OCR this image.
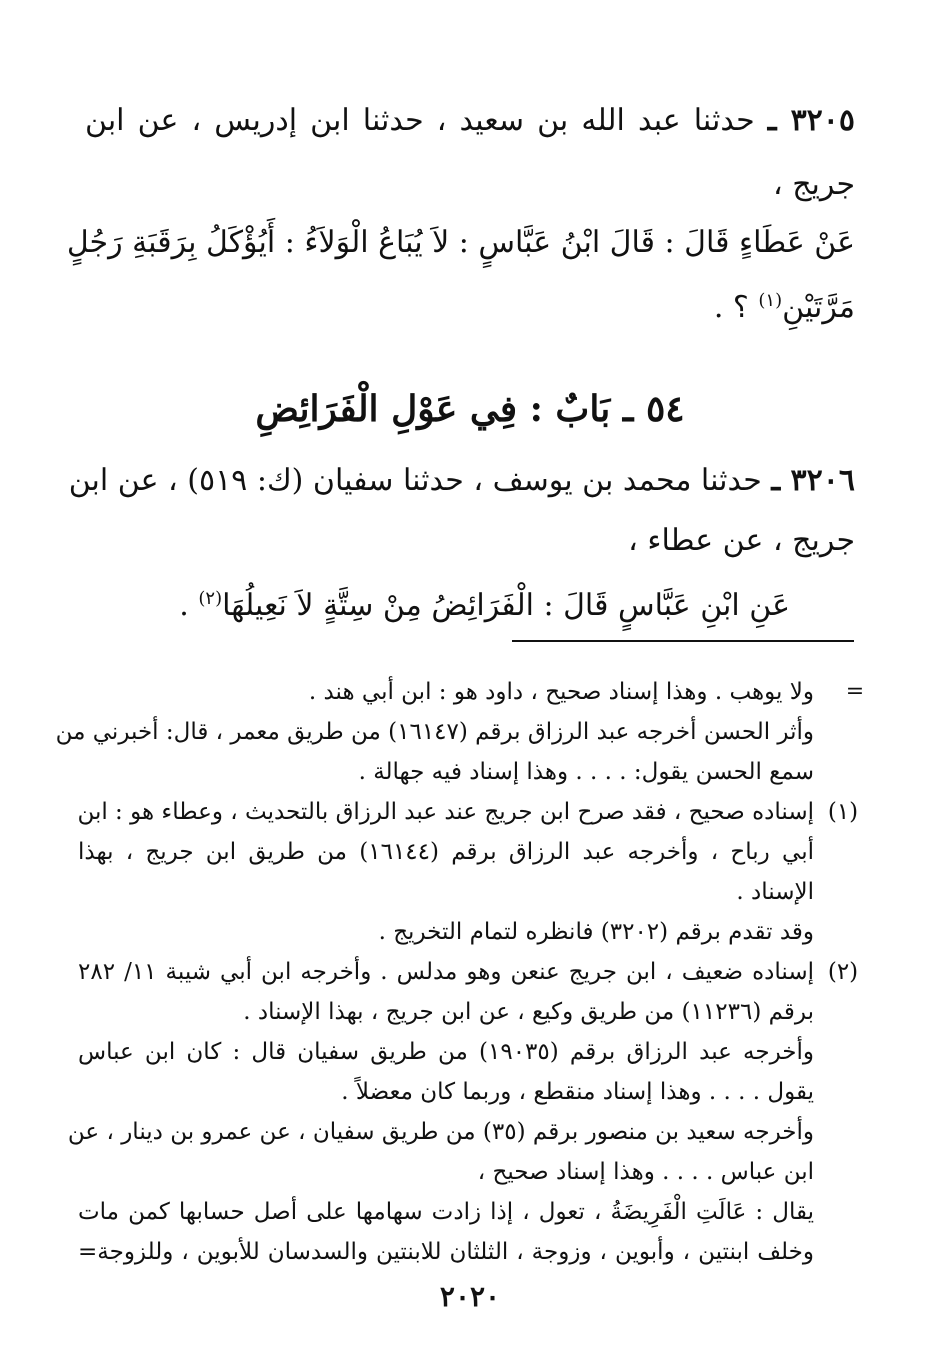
٣٢٠٥ ـ حدثنا عبد الله بن سعيد ، حدثنا ابن إدريس ، عن ابن
جريج ،
عَنْ عَطَاءٍ قَالَ : قَالَ ابْنُ عَبَّاسٍ : لاَ يُبَاعُ الْوَلاَءُ : أَيُؤْكَلُ بِرَقَبَةِ رَجُلٍ
مَرَّتَيْنِ$^{(١)}$ ؟ .
٥٤ ـ بَابٌ : فِي عَوْلِ الْفَرَائِضِ
٣٢٠٦ ـ حدثنا محمد بن يوسف ، حدثنا سفيان (ك: ٥١٩) ، عن ابن
جريج ، عن عطاء ،
عَنِ ابْنِ عَبَّاسٍ قَالَ : الْفَرَائِضُ مِنْ سِتَّةٍ لاَ نَعِيلُهَا$^{(٢)}$ .
=
ولا يوهب . وهذا إسناد صحيح ، داود هو : ابن أبي هند .
وأثر الحسن أخرجه عبد الرزاق برقم (١٦١٤٧) من طريق معمر ، قال: أخبرني من
سمع الحسن يقول: . . . . وهذا إسناد فيه جهالة .
(١)
إسناده صحيح ، فقد صرح ابن جريج عند عبد الرزاق بالتحديث ، وعطاء هو : ابن
أبي رباح ، وأخرجه عبد الرزاق برقم (١٦١٤٤) من طريق ابن جريج ، بهذا
الإسناد .
وقد تقدم برقم (٣٢٠٢) فانظره لتمام التخريج .
(٢)
إسناده ضعيف ، ابن جريج عنعن وهو مدلس . وأخرجه ابن أبي شيبة ١١/ ٢٨٢
برقم (١١٢٣٦) من طريق وكيع ، عن ابن جريج ، بهذا الإسناد .
وأخرجه عبد الرزاق برقم (١٩٠٣٥) من طريق سفيان قال : كان ابن عباس
يقول . . . . وهذا إسناد منقطع ، وربما كان معضلاً .
وأخرجه سعيد بن منصور برقم (٣٥) من طريق سفيان ، عن عمرو بن دينار ، عن
ابن عباس . . . . وهذا إسناد صحيح ،
يقال : عَالَتِ الْفَرِيضَةُ ، تعول ، إذا زادت سهامها على أصل حسابها كمن مات
وخلف ابنتين ، وأبوين ، وزوجة ، الثلثان للابنتين والسدسان للأبوين ، وللزوجة=
٢٠٢٠
